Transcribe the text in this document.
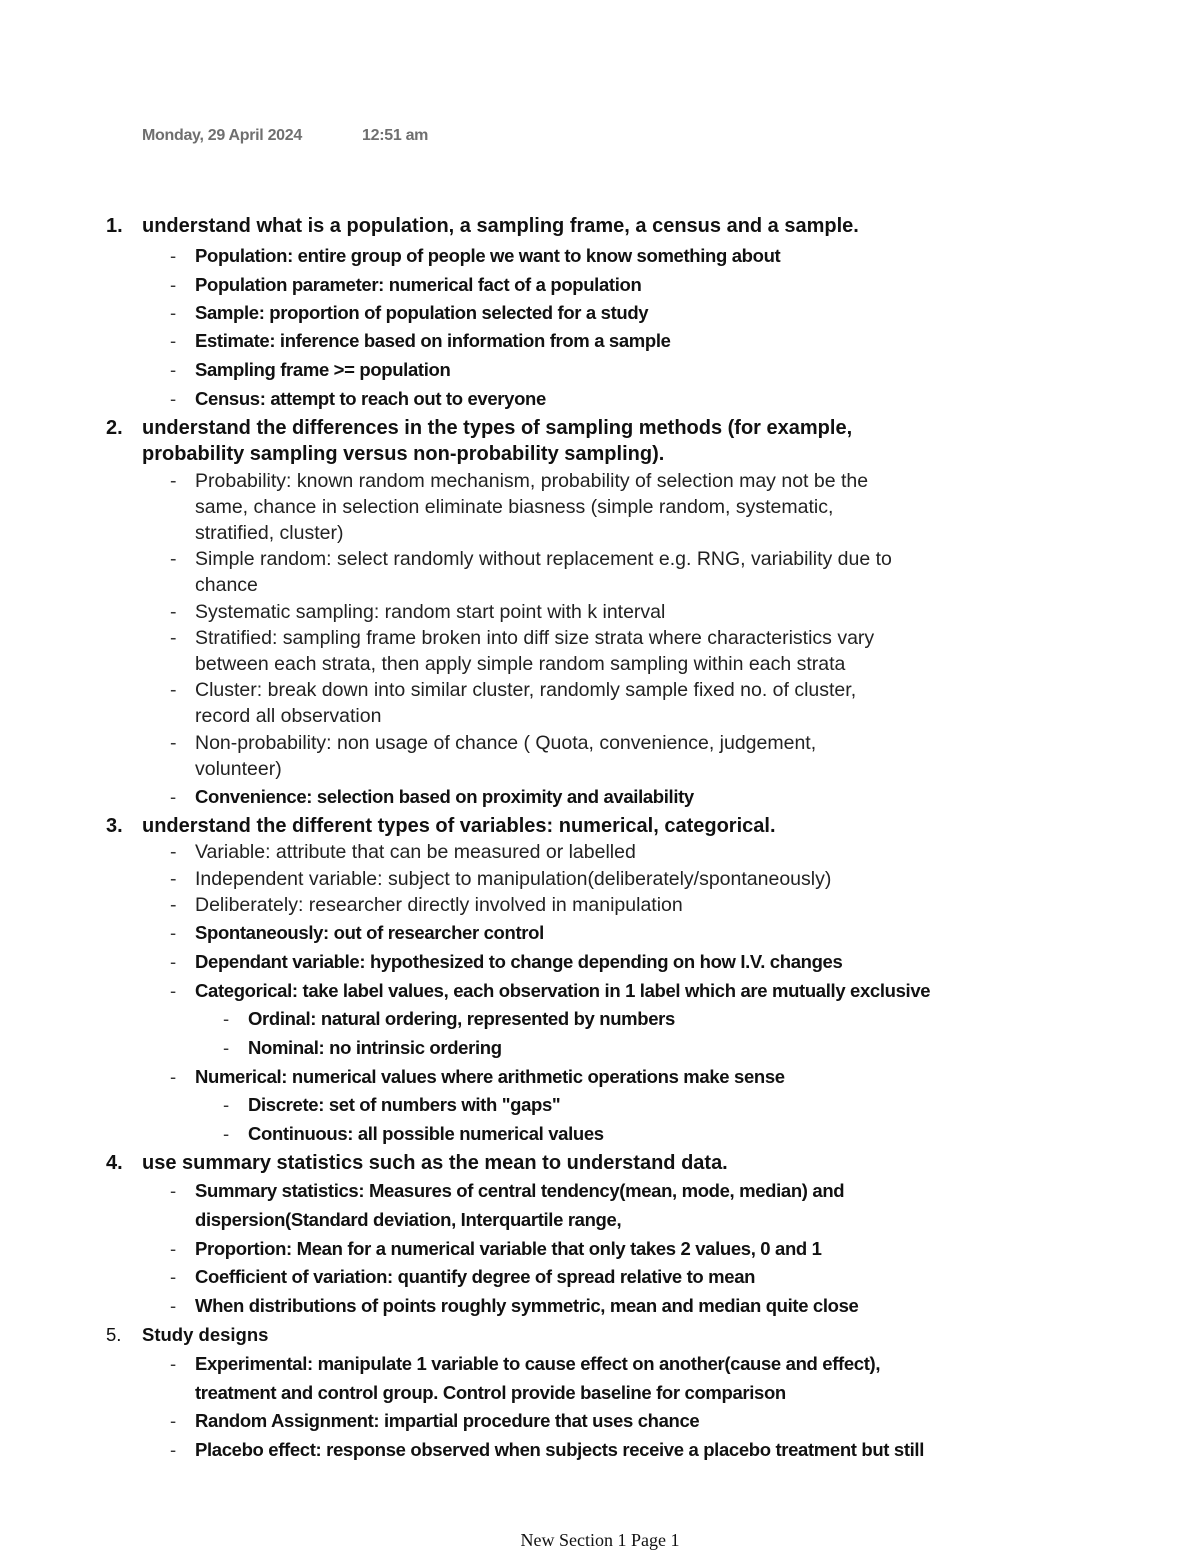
Monday, 29 April 2024	12:51 am
1. understand what is a population, a sampling frame, a census and a sample.
- Population: entire group of people we want to know something about
- Population parameter: numerical fact of a population
- Sample: proportion of population selected for a study
- Estimate: inference based on information from a sample
- Sampling frame >= population
- Census: attempt to reach out to everyone
2. understand the differences in the types of sampling methods (for example,
probability sampling versus non-probability sampling).
- Probability: known random mechanism, probability of selection may not be the
same, chance in selection eliminate biasness (simple random, systematic,
stratified, cluster)
- Simple random: select randomly without replacement e.g. RNG, variability due to
chance
- Systematic sampling: random start point with k interval
- Stratified: sampling frame broken into diff size strata where characteristics vary
between each strata, then apply simple random sampling within each strata
- Cluster: break down into similar cluster, randomly sample fixed no. of cluster,
record all observation
- Non-probability: non usage of chance ( Quota, convenience, judgement,
volunteer)
- Convenience: selection based on proximity and availability
3. understand the different types of variables: numerical, categorical.
- Variable: attribute that can be measured or labelled
- Independent variable: subject to manipulation(deliberately/spontaneously)
- Deliberately: researcher directly involved in manipulation
- Spontaneously: out of researcher control
- Dependant variable: hypothesized to change depending on how I.V. changes
- Categorical: take label values, each observation in 1 label which are mutually exclusive
- Ordinal: natural ordering, represented by numbers
- Nominal: no intrinsic ordering
- Numerical: numerical values where arithmetic operations make sense
- Discrete: set of numbers with "gaps"
- Continuous: all possible numerical values
4. use summary statistics such as the mean to understand data.
- Summary statistics: Measures of central tendency(mean, mode, median) and
dispersion(Standard deviation, Interquartile range,
- Proportion: Mean for a numerical variable that only takes 2 values, 0 and 1
- Coefficient of variation: quantify degree of spread relative to mean
- When distributions of points roughly symmetric, mean and median quite close
5. Study designs
- Experimental: manipulate 1 variable to cause effect on another(cause and effect),
treatment and control group. Control provide baseline for comparison
- Random Assignment: impartial procedure that uses chance
- Placebo effect: response observed when subjects receive a placebo treatment but still
New Section 1 Page 1
